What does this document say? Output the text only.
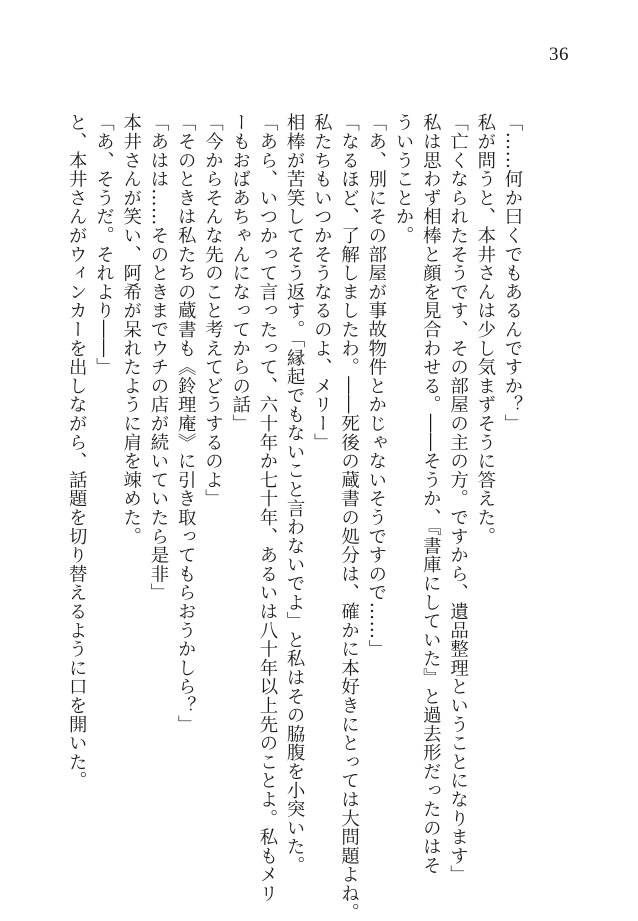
36

「……何か曰くでもあるんですか？」

私が問うと、本井さんは少し気まずそうに答えた。

「亡くなられたそうです、その部屋の主の方。ですから、遺品整理ということになります」

私は思わず相棒と顔を見合わせる。――そうか、『書庫にしていた』と過去形だったのはそ

ういうことか。

「あ、別にその部屋が事故物件とかじゃないそうですので……」

「なるほど、了解しましたわ。――死後の蔵書の処分は、確かに本好きにとっては大問題よね。

私たちもいつかそうなるのよ、メリー」

相棒が苦笑してそう返す。「縁起でもないこと言わないでよ」と私はその脇腹を小突いた。

「あら、いつかって言ったって、六十年か七十年、あるいは八十年以上先のことよ。私もメリ

ーもおばあちゃんになってからの話」

「今からそんな先のこと考えてどうするのよ」

「そのときは私たちの蔵書も《鈴理庵》に引き取ってもらおうかしら？」

「あはは……そのときまでウチの店が続いていたら是非」

本井さんが笑い、阿希が呆れたように肩を竦めた。

「あ、そうだ。それより――」

と、本井さんがウィンカーを出しながら、話題を切り替えるように口を開いた。
